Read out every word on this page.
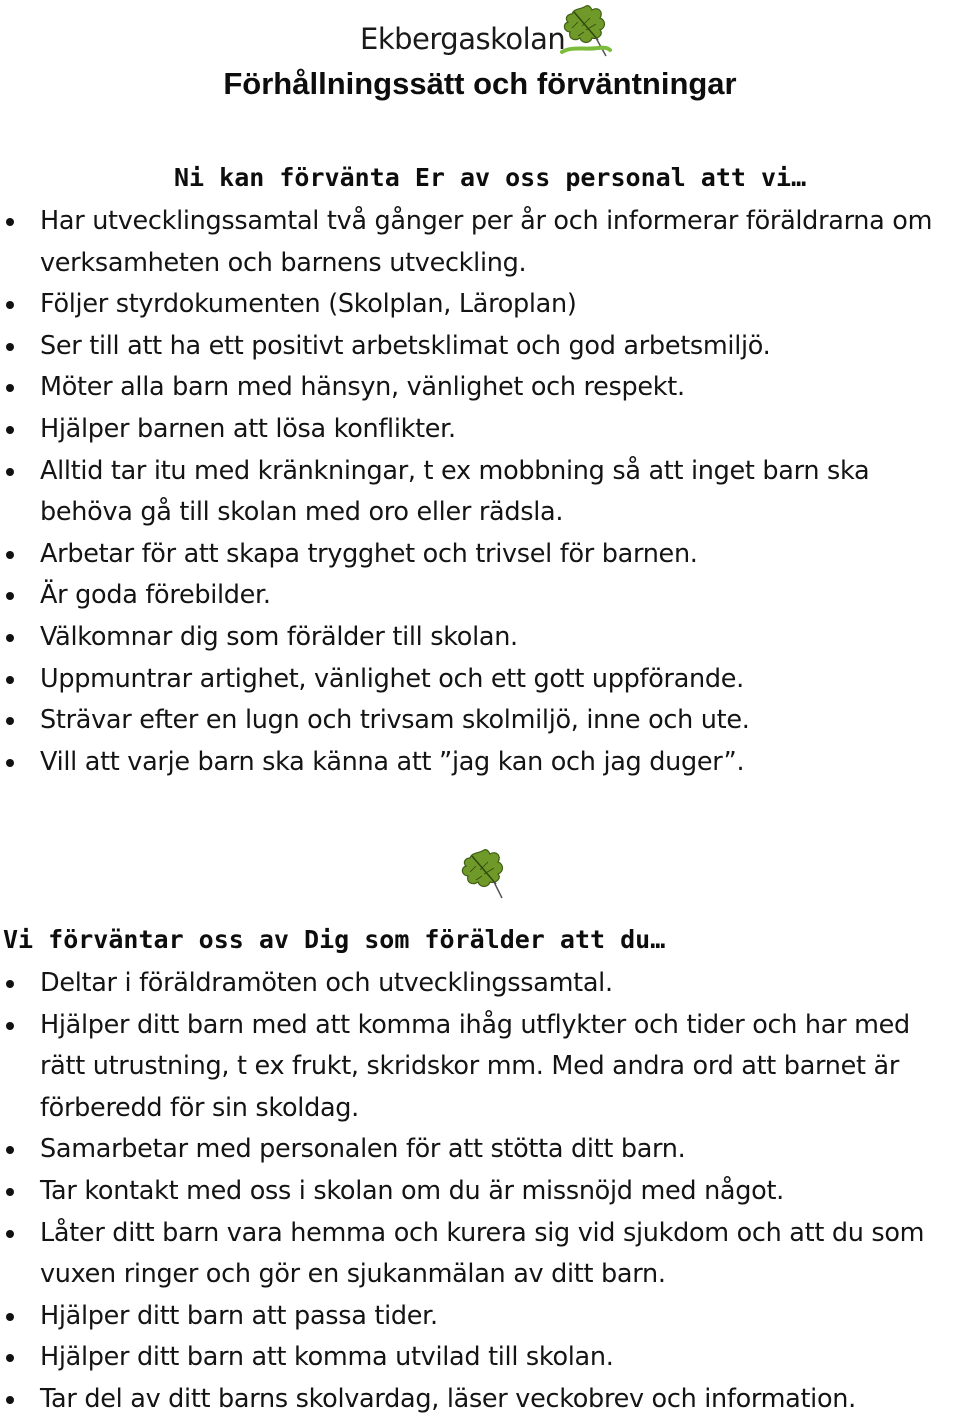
Ekbergaskolan
Förhållningssätt och förväntningar
Ni kan förvänta Er av oss personal att vi…
Har utvecklingssamtal två gånger per år och informerar föräldrarna om verksamheten och barnens utveckling.
Följer styrdokumenten (Skolplan, Läroplan)
Ser till att ha ett positivt arbetsklimat och god arbetsmiljö.
Möter alla barn med hänsyn, vänlighet och respekt.
Hjälper barnen att lösa konflikter.
Alltid tar itu med kränkningar, t ex mobbning så att inget barn ska behöva gå till skolan med oro eller rädsla.
Arbetar för att skapa trygghet och trivsel för barnen.
Är goda förebilder.
Välkomnar dig som förälder till skolan.
Uppmuntrar artighet, vänlighet och ett gott uppförande.
Strävar efter en lugn och trivsam skolmiljö, inne och ute.
Vill att varje barn ska känna att ”jag kan och jag duger”.
Vi förväntar oss av Dig som förälder att du…
Deltar i föräldramöten och utvecklingssamtal.
Hjälper ditt barn med att komma ihåg utflykter och tider och har med rätt utrustning, t ex frukt, skridskor mm. Med andra ord att barnet är förberedd för sin skoldag.
Samarbetar med personalen för att stötta ditt barn.
Tar kontakt med oss i skolan om du är missnöjd med något.
Låter ditt barn vara hemma och kurera sig vid sjukdom och att du som vuxen ringer och gör en sjukanmälan av ditt barn.
Hjälper ditt barn att passa tider.
Hjälper ditt barn att komma utvilad till skolan.
Tar del av ditt barns skolvardag, läser veckobrev och information.
